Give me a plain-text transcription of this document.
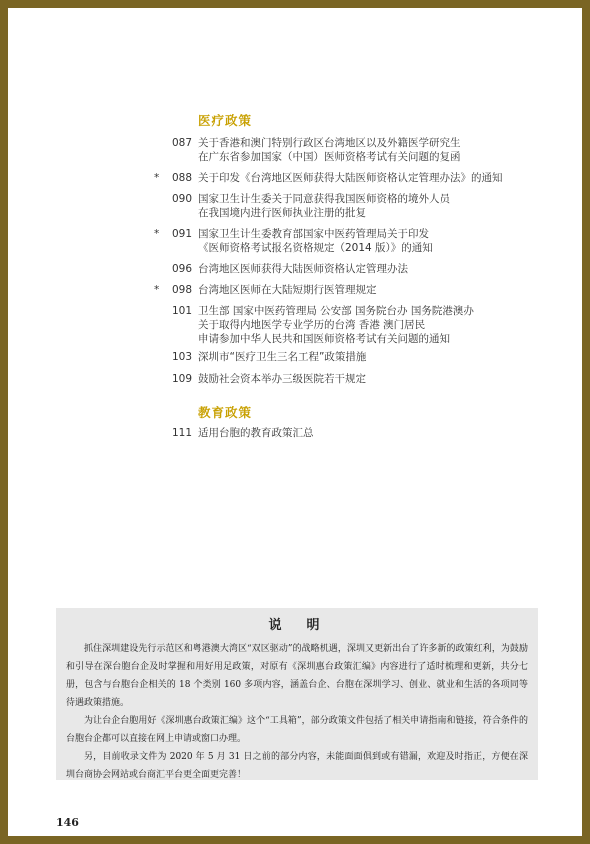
医疗政策
087 关于香港和澳门特别行政区台湾地区以及外籍医学研究生
在广东省参加国家（中国）医师资格考试有关问题的复函
*	088 关于印发《台湾地区医师获得大陆医师资格认定管理办法》的通知
090 国家卫生计生委关于同意获得我国医师资格的境外人员
在我国境内进行医师执业注册的批复
*	091 国家卫生计生委教育部国家中医药管理局关于印发
《医师资格考试报名资格规定（2014 版）》的通知
096 台湾地区医师获得大陆医师资格认定管理办法
*	098 台湾地区医师在大陆短期行医管理规定
101 卫生部 国家中医药管理局 公安部 国务院台办 国务院港澳办
关于取得内地医学专业学历的台湾 香港 澳门居民
申请参加中华人民共和国医师资格考试有关问题的通知
103 深圳市“医疗卫生三名工程”政策措施
109 鼓励社会资本举办三级医院若干规定
教育政策
111 适用台胞的教育政策汇总
说　明

抓住深圳建设先行示范区和粤港澳大湾区“双区驱动”的战略机遇，深圳又更新出台了许多新的政策红利，为鼓励和引导在深台胞台企及时掌握和用好用足政策，对原有《深圳惠台政策汇编》内容进行了适时梳理和更新，共分七册，包含与台胞台企相关的 18 个类别 160 多项内容，涵盖台企、台胞在深圳学习、创业、就业和生活的各项同等待遇政策措施。

为让台企台胞用好《深圳惠台政策汇编》这个“工具箱”，部分政策文件包括了相关申请指南和链接，符合条件的台胞台企都可以直接在网上申请或窗口办理。

另，目前收录文件为 2020 年 5 月 31 日之前的部分内容，未能面面俱到或有错漏，欢迎及时指正，方便在深圳台商协会网站或台商汇平台更全面更完善！

146
